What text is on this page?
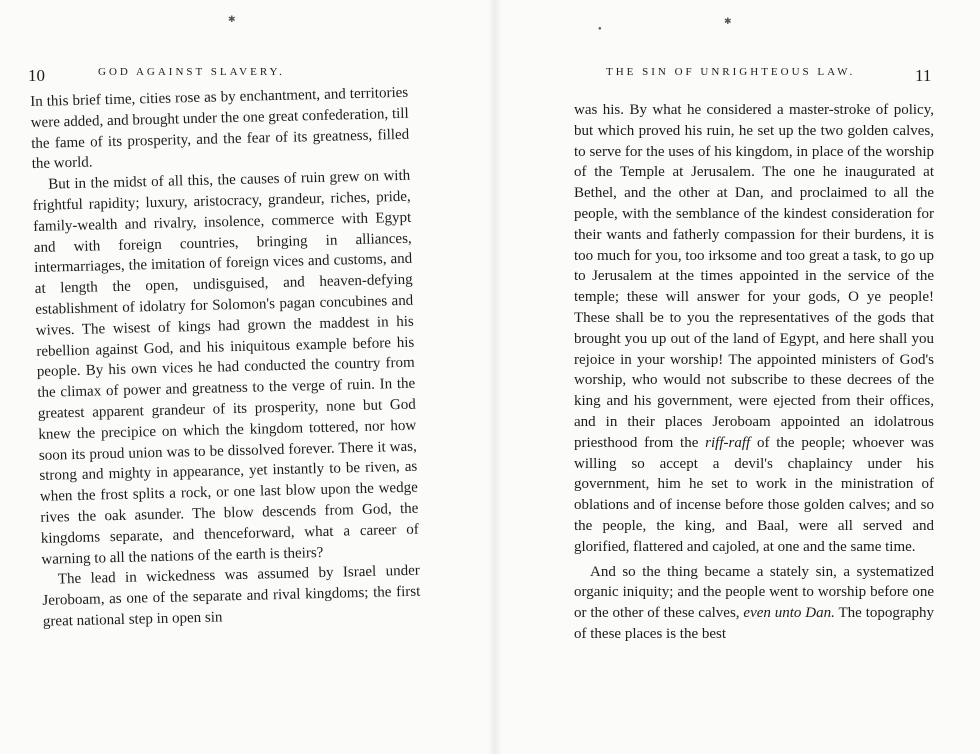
✱	✱
●
10	GOD AGAINST SLAVERY.

In this brief time, cities rose as by enchantment, and territories were added, and brought under the one great confederation, till the fame of its prosperity, and the fear of its greatness, filled the world.

But in the midst of all this, the causes of ruin grew on with frightful rapidity; luxury, aristocracy, grandeur, riches, pride, family-wealth and rivalry, insolence, commerce with Egypt and with foreign countries, bringing in alliances, intermarriages, the imitation of foreign vices and customs, and at length the open, undisguised, and heaven-defying establishment of idolatry for Solomon's pagan concubines and wives. The wisest of kings had grown the maddest in his rebellion against God, and his iniquitous example before his people. By his own vices he had conducted the country from the climax of power and greatness to the verge of ruin. In the greatest apparent grandeur of its prosperity, none but God knew the precipice on which the kingdom tottered, nor how soon its proud union was to be dissolved forever. There it was, strong and mighty in appearance, yet instantly to be riven, as when the frost splits a rock, or one last blow upon the wedge rives the oak asunder. The blow descends from God, the kingdoms separate, and thenceforward, what a career of warning to all the nations of the earth is theirs?

The lead in wickedness was assumed by Israel under Jeroboam, as one of the separate and rival kingdoms; the first great national step in open sin

THE SIN OF UNRIGHTEOUS LAW.	11

was his. By what he considered a master-stroke of policy, but which proved his ruin, he set up the two golden calves, to serve for the uses of his kingdom, in place of the worship of the Temple at Jerusalem. The one he inaugurated at Bethel, and the other at Dan, and proclaimed to all the people, with the semblance of the kindest consideration for their wants and fatherly compassion for their burdens, it is too much for you, too irksome and too great a task, to go up to Jerusalem at the times appointed in the service of the temple; these will answer for your gods, O ye people! These shall be to you the representatives of the gods that brought you up out of the land of Egypt, and here shall you rejoice in your worship! The appointed ministers of God's worship, who would not subscribe to these decrees of the king and his government, were ejected from their offices, and in their places Jeroboam appointed an idolatrous priesthood from the riff-raff of the people; whoever was willing so accept a devil's chaplaincy under his government, him he set to work in the ministration of oblations and of incense before those golden calves; and so the people, the king, and Baal, were all served and glorified, flattered and cajoled, at one and the same time.

And so the thing became a stately sin, a systematized organic iniquity; and the people went to worship before one or the other of these calves, even unto Dan. The topography of these places is the best
